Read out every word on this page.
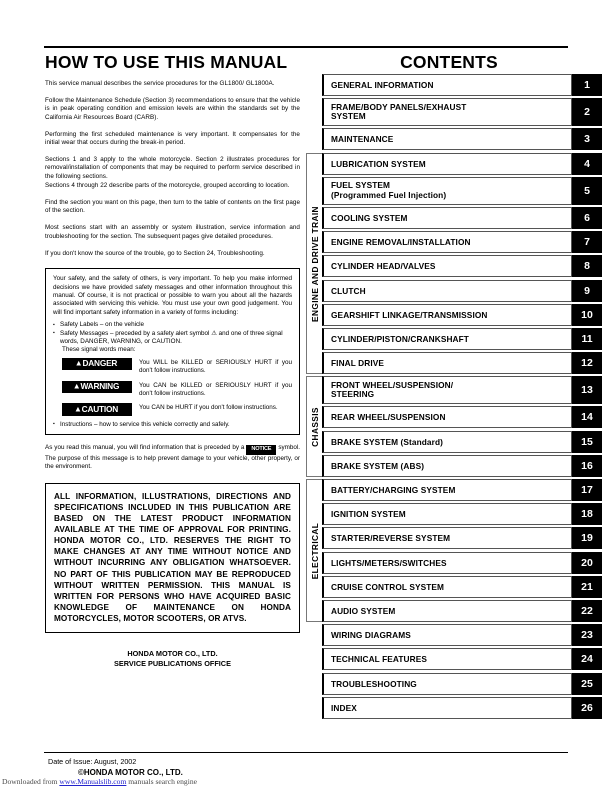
HOW TO USE THIS MANUAL	CONTENTS

This service manual describes the service procedures for the GL1800/ GL1800A.

Follow the Maintenance Schedule (Section 3) recommendations to ensure that the vehicle is in peak operating condition and emission levels are within the standards set by the California Air Resources Board (CARB).

Performing the first scheduled maintenance is very important. It compensates for the initial wear that occurs during the break-in period.

Sections 1 and 3 apply to the whole motorcycle. Section 2 illustrates procedures for removal/installation of components that may be required to perform service described in the following sections.

Sections 4 through 22 describe parts of the motorcycle, grouped according to location.

Find the section you want on this page, then turn to the table of contents on the first page of the section.

Most sections start with an assembly or system illustration, service information and troubleshooting for the section. The subsequent pages give detailed procedures.

If you don't know the source of the trouble, go to Section 24, Troubleshooting.

Your safety, and the safety of others, is very important. To help you make informed decisions we have provided safety messages and other information throughout this manual. Of course, it is not practical or possible to warn you about all the hazards associated with servicing this vehicle. You must use your own good judgement. You will find important safety information in a variety of forms including:

▪ Safety Labels – on the vehicle
▪ Safety Messages – preceded by a safety alert symbol ⚠ and one of three signal words, DANGER, WARNING, or CAUTION.

These signal words mean:

▲DANGER	You WILL be KILLED or SERIOUSLY HURT if you don't follow instructions.
▲WARNING	You CAN be KILLED or SERIOUSLY HURT if you don't follow instructions.
▲CAUTION	You CAN be HURT if you don't follow instructions.
▪ Instructions – how to service this vehicle correctly and safely.

As you read this manual, you will find information that is preceded by a NOTICE symbol. The purpose of this message is to help prevent damage to your vehicle, other property, or the environment.

ALL INFORMATION, ILLUSTRATIONS, DIRECTIONS AND SPECIFICATIONS INCLUDED IN THIS PUBLICATION ARE BASED ON THE LATEST PRODUCT INFORMATION AVAILABLE AT THE TIME OF APPROVAL FOR PRINTING. HONDA MOTOR CO., LTD. RESERVES THE RIGHT TO MAKE CHANGES AT ANY TIME WITHOUT NOTICE AND WITHOUT INCURRING ANY OBLIGATION WHATSOEVER. NO PART OF THIS PUBLICATION MAY BE REPRODUCED WITHOUT WRITTEN PERMISSION. THIS MANUAL IS WRITTEN FOR PERSONS WHO HAVE ACQUIRED BASIC KNOWLEDGE OF MAINTENANCE ON HONDA MOTORCYCLES, MOTOR SCOOTERS, OR ATVS.

HONDA MOTOR CO., LTD.
SERVICE PUBLICATIONS OFFICE
GENERAL INFORMATION	1
FRAME/BODY PANELS/EXHAUST
SYSTEM	2
MAINTENANCE	3
LUBRICATION SYSTEM	4
FUEL SYSTEM
(Programmed Fuel Injection)	5
COOLING SYSTEM	6
ENGINE REMOVAL/INSTALLATION	7
CYLINDER HEAD/VALVES	8
CLUTCH	9
GEARSHIFT LINKAGE/TRANSMISSION	10
CYLINDER/PISTON/CRANKSHAFT	11
FINAL DRIVE	12
FRONT WHEEL/SUSPENSION/
STEERING	13
REAR WHEEL/SUSPENSION	14
BRAKE SYSTEM (Standard)	15
BRAKE SYSTEM (ABS)	16
BATTERY/CHARGING SYSTEM	17
IGNITION SYSTEM	18
STARTER/REVERSE SYSTEM	19
LIGHTS/METERS/SWITCHES	20
CRUISE CONTROL SYSTEM	21
AUDIO SYSTEM	22
WIRING DIAGRAMS	23
TECHNICAL FEATURES	24
TROUBLESHOOTING	25
INDEX	26
ENGINE AND DRIVE TRAIN
CHASSIS
ELECTRICAL
Date of Issue: August, 2002
©HONDA MOTOR CO., LTD.
Downloaded from www.Manualslib.com manuals search engine
